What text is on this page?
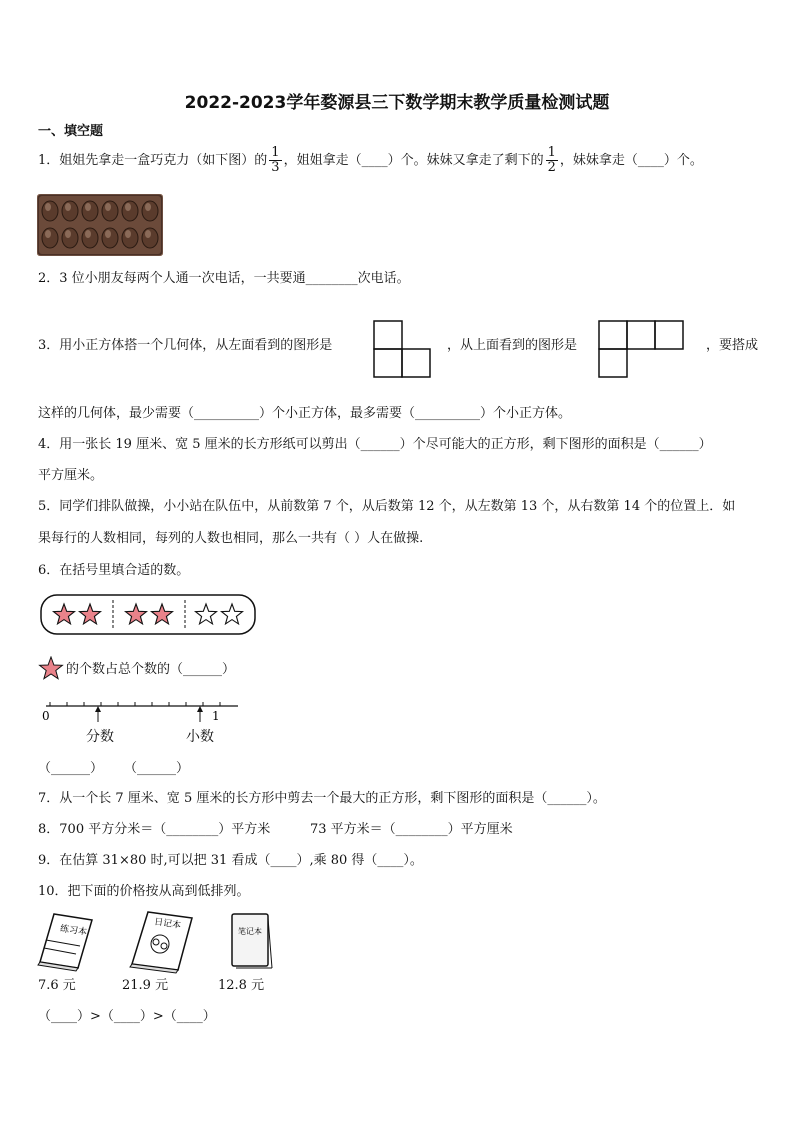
2022-2023学年婺源县三下数学期末教学质量检测试题
一、填空题
1．姐姐先拿走一盒巧克力（如下图）的 $\frac{1}{3}$ ，姐姐拿走（____）个。妹妹又拿走了剩下的 $\frac{1}{2}$ ，妹妹拿走（____）个。
2．3 位小朋友每两个人通一次电话，一共要通________次电话。
3．用小正方体搭一个几何体，从左面看到的图形是	，从上面看到的图形是	，要搭成
这样的几何体，最少需要（__________）个小正方体，最多需要（__________）个小正方体。
4．用一张长 19 厘米、宽 5 厘米的长方形纸可以剪出（______）个尽可能大的正方形，剩下图形的面积是（______）
平方厘米。
5．同学们排队做操，小小站在队伍中，从前数第 7 个，从后数第 12 个，从左数第 13 个，从右数第 14 个的位置上．如
果每行的人数相同，每列的人数也相同，那么一共有（ ）人在做操.
6．在括号里填合适的数。
的个数占总个数的（______）
0	1
分数	小数
（______） （______）
7．从一个长 7 厘米、宽 5 厘米的长方形中剪去一个最大的正方形，剩下图形的面积是（______）。
8．700 平方分米＝（________）平方米	73 平方米＝（________）平方厘米
9．在估算 31×80 时,可以把 31 看成（____）,乘 80 得（____）。
10．把下面的价格按从高到低排列。
练习本
日记本
笔记本
7.6 元	21.9 元	12.8 元
（____）>（____）>（____）
